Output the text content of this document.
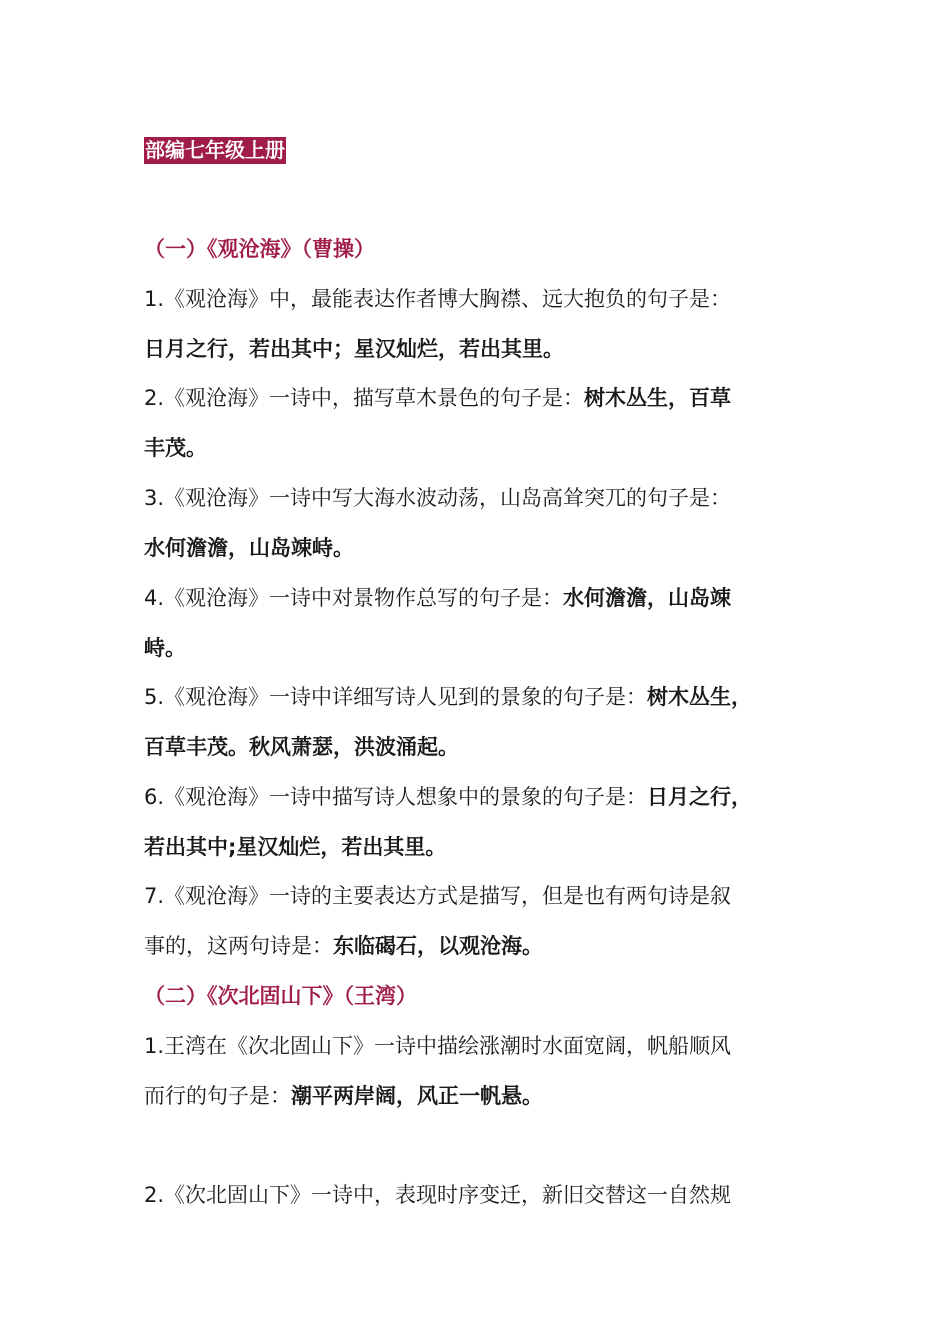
部编七年级上册
（一）《观沧海》（曹操）
1.《观沧海》中，最能表达作者博大胸襟、远大抱负的句子是：
日月之行，若出其中；星汉灿烂，若出其里。
2.《观沧海》一诗中，描写草木景色的句子是：树木丛生，百草
丰茂。
3.《观沧海》一诗中写大海水波动荡，山岛高耸突兀的句子是：
水何澹澹，山岛竦峙。
4.《观沧海》一诗中对景物作总写的句子是：水何澹澹，山岛竦
峙。
5.《观沧海》一诗中详细写诗人见到的景象的句子是：树木丛生，
百草丰茂。秋风萧瑟，洪波涌起。
6.《观沧海》一诗中描写诗人想象中的景象的句子是：日月之行，
若出其中;星汉灿烂，若出其里。
7.《观沧海》一诗的主要表达方式是描写，但是也有两句诗是叙
事的，这两句诗是：东临碣石，以观沧海。
（二）《次北固山下》（王湾）
1.王湾在《次北固山下》一诗中描绘涨潮时水面宽阔，帆船顺风
而行的句子是：潮平两岸阔，风正一帆悬。
2.《次北固山下》一诗中，表现时序变迁，新旧交替这一自然规
